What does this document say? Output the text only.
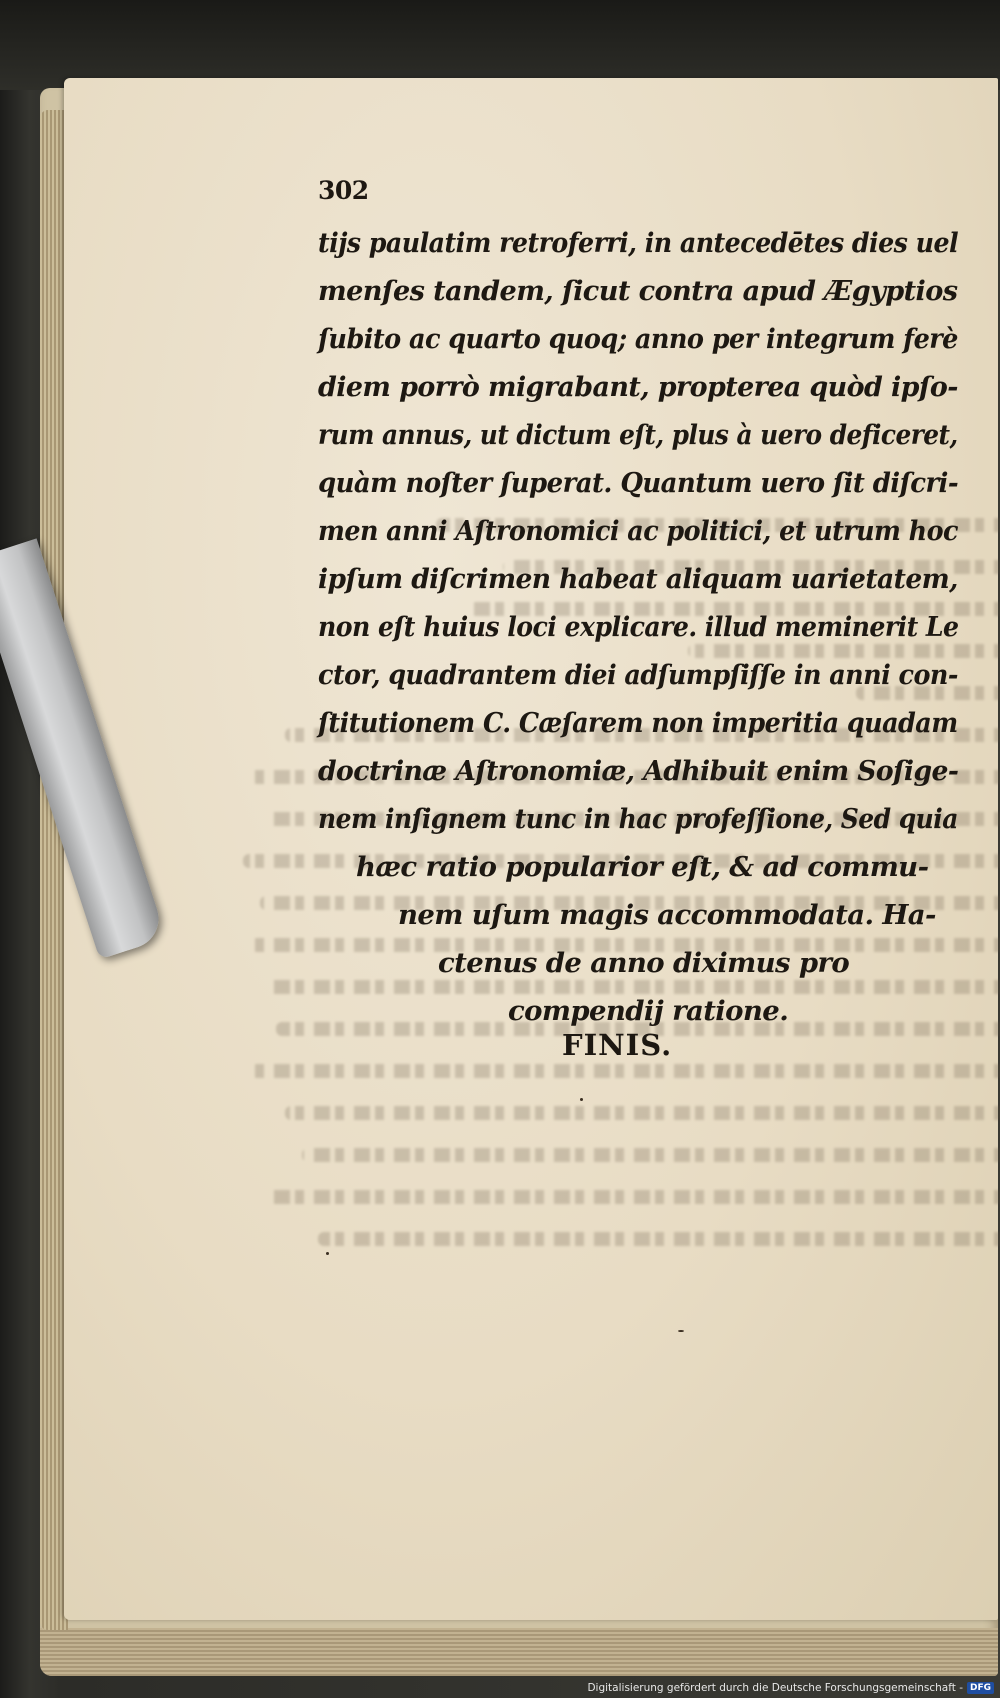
302
tijs paulatim retroferri, in antecedētes dies uel
menſes tandem, ſicut contra apud Ægyptios
ſubito ac quarto quoq; anno per integrum ferè
diem porrò migrabant, propterea quòd ipſo-
rum annus, ut dictum eſt, plus à uero deficeret,
quàm noſter ſuperat. Quantum uero ſit diſcri-
men anni Aſtronomici ac politici, et utrum hoc
ipſum diſcrimen habeat aliquam uarietatem,
non eſt huius loci explicare. illud meminerit Le
ctor, quadrantem diei adſumpſiſſe in anni con-
ſtitutionem C. Cæſarem non imperitia quadam
doctrinæ Aſtronomiæ, Adhibuit enim Soſige-
nem inſignem tunc in hac profeſſione, Sed quia
hæc ratio popularior eſt, & ad commu-
nem uſum magis accommodata. Ha-
ctenus de anno diximus pro
compendij ratione.
FINIS.
Digitalisierung gefördert durch die Deutsche Forschungsgemeinschaft - DFG
